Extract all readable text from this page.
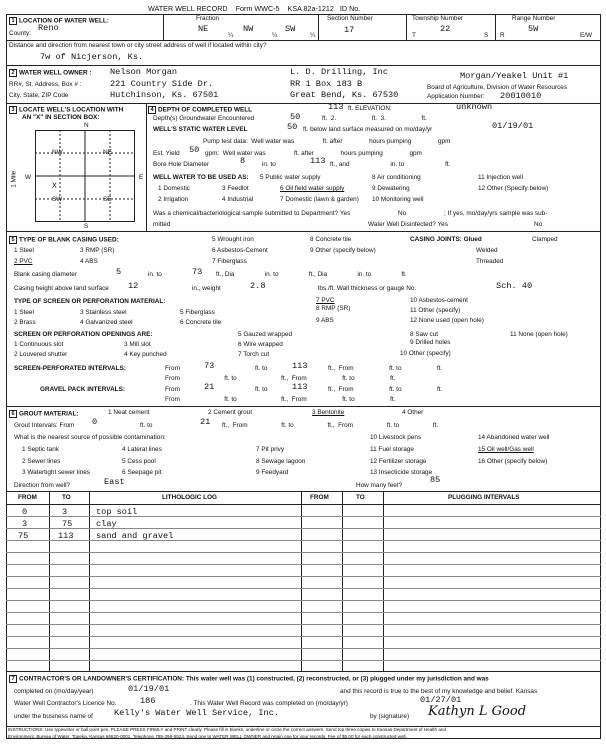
WATER WELL RECORD Form WWC-5 KSA 82a-1212 ID No.
1 LOCATION OF WATER WELL:	Fraction	Section Number	Township Number	Range Number
County:
Reno	NE
¼
NW
¼
SW
¼
17
T
22
S R
5W
E/W
Distance and direction from nearest town or city street address of well if located within city?
7w of Nicjerson, Ks.
2 WATER WELL OWNER : Nelson Morgan	L. D. Drilling, Inc
RR#, St. Address, Box # :	221 Country Side Dr.	RR 1 Box 183 B
City, State, ZIP Code	Hutchinson, Ks. 67501	Great Bend, Ks. 67530
Morgan/Yeakel Unit #1
Board of Agriculture, Division of Water Resources
Application Number: 20010010
3 LOCATE WELL'S LOCATION WITH
AN "X" IN SECTION BOX:
N
S
W	E
1 Mile
NW	NE
SW	SE
X
4 DEPTH OF COMPLETED WELL	113 ft. ELEVATION:	unknown
Depth(s) Groundwater Encountered	50	ft.  2.                    ft.  3.                    ft.
WELL'S STATIC WATER LEVEL	50 ft. below land surface measured on mo/day/yr	01/19/01
Pump test data:  Well water was                ft. after               hours pumping               gpm
Est. Yield 50 gpm:  Well water was                ft. after               hours pumping               gpm
Bore Hole Diameter	8	in. to	113 ft., and                       in. to                       ft.
WELL WATER TO BE USED AS: 5 Public water supply	8 Air conditioning	11 Injection well
1 Domestic	3 Feedlot	6 Oil field water supply	9 Dewatering	12 Other (Specify below)
2 Irrigation	4 Industrial	7 Domestic (lawn & garden) 10 Monitoring well
Was a chemical/bacteriological sample submitted to Department? Yes	No	; If yes, mo/day/yrs sample was sub-
mitted	Water Well Disinfected? Yes	No
5 TYPE OF BLANK CASING USED:	5 Wrought iron	8 Concrete tile	CASING JOINTS: Glued	Clamped
1 Steel	3 RMP (SR)	6 Asbestos-Cement	9 Other (specify below)	Welded
2 PVC	4 ABS	7 Fiberglass	Threaded
Blank casing diameter	5	in. to	73 ft., Dia                 in. to                 ft., Dia                 in. to                 ft.
Casing height above land surface 12	in., weight	2.8	lbs./ft. Wall thickness or gauge No.	Sch. 40
TYPE OF SCREEN OR PERFORATION MATERIAL:	7 PVC	10 Asbestos-cement
1 Steel	3 Stainless steel	5 Fiberglass
8 RMP (SR)	11 Other (specify)
2 Brass	4 Galvanized steel	6 Concrete tile	9 ABS	12 None used (open hole)
SCREEN OR PERFORATION OPENINGS ARE:	5 Gauzed wrapped	8 Saw cut	11 None (open hole)
1 Continuous slot	3 Mill slot	6 Wire wrapped	9 Drilled holes
2 Louvered shutter	4 Key punched	7 Torch cut	10 Other (specify)
SCREEN-PERFORATED INTERVALS:	From	73	ft. to	113	ft.,  From                    ft. to                    ft.
From                         ft. to                         ft.,  From                    ft. to                    ft.
GRAVEL PACK INTERVALS:	From	21	ft. to	113	ft.,  From                    ft. to                    ft.
From                         ft. to                         ft.,  From                    ft. to                    ft.
6 GROUT MATERIAL:	1 Neat cement	2 Cement grout	3 Bentonite	4 Other
Grout Intervals: From 0	ft. to	21 ft.,  From                   ft. to                   ft.,  From                   ft. to                   ft.
What is the nearest source of possible contamination:	10 Livestock pens	14 Abandoned water well
1 Septic tank	4 Lateral lines	7 Pit privy	11 Fuel storage	15 Oil well/Gas well
2 Sewer lines	5 Cess pool	8 Sewage lagoon	12 Fertilizer storage	16 Other (specify below)
3 Watertight sewer lines	6 Seepage pit	9 Feedyard	13 Insecticide storage
Direction from well?	East	How many feet?
85
FROM	TO	LITHOLOGIC LOG	FROM	TO	PLUGGING INTERVALS
0	3	top soil
3	75	clay
75	113	sand and gravel
7 CONTRACTOR'S OR LANDOWNER'S CERTIFICATION: This water well was (1) constructed, (2) reconstructed, or (3) plugged under my jurisdiction and was
completed on (mo/day/year)	01/19/01	and this record is true to the best of my knowledge and belief. Kansas
Water Well Contractor's Licence No.	186	. This Water Well Record was completed on (mo/day/yr)	01/27/01
under the business name of Kelly's Water Well Service, Inc.	by (signature) Kathyn L Good
INSTRUCTIONS: Use typewriter or ball point pen. PLEASE PRESS FIRMLY and PRINT clearly. Please fill in blanks, underline or circle the correct answers. Send top three copies to Kansas Department of Health and
Environment, Bureau of Water, Topeka, Kansas 66620-0001. Telephone 785-296-5524. Send one to WATER WELL OWNER and retain one for your records. Fee of $5.00 for each constructed well.
